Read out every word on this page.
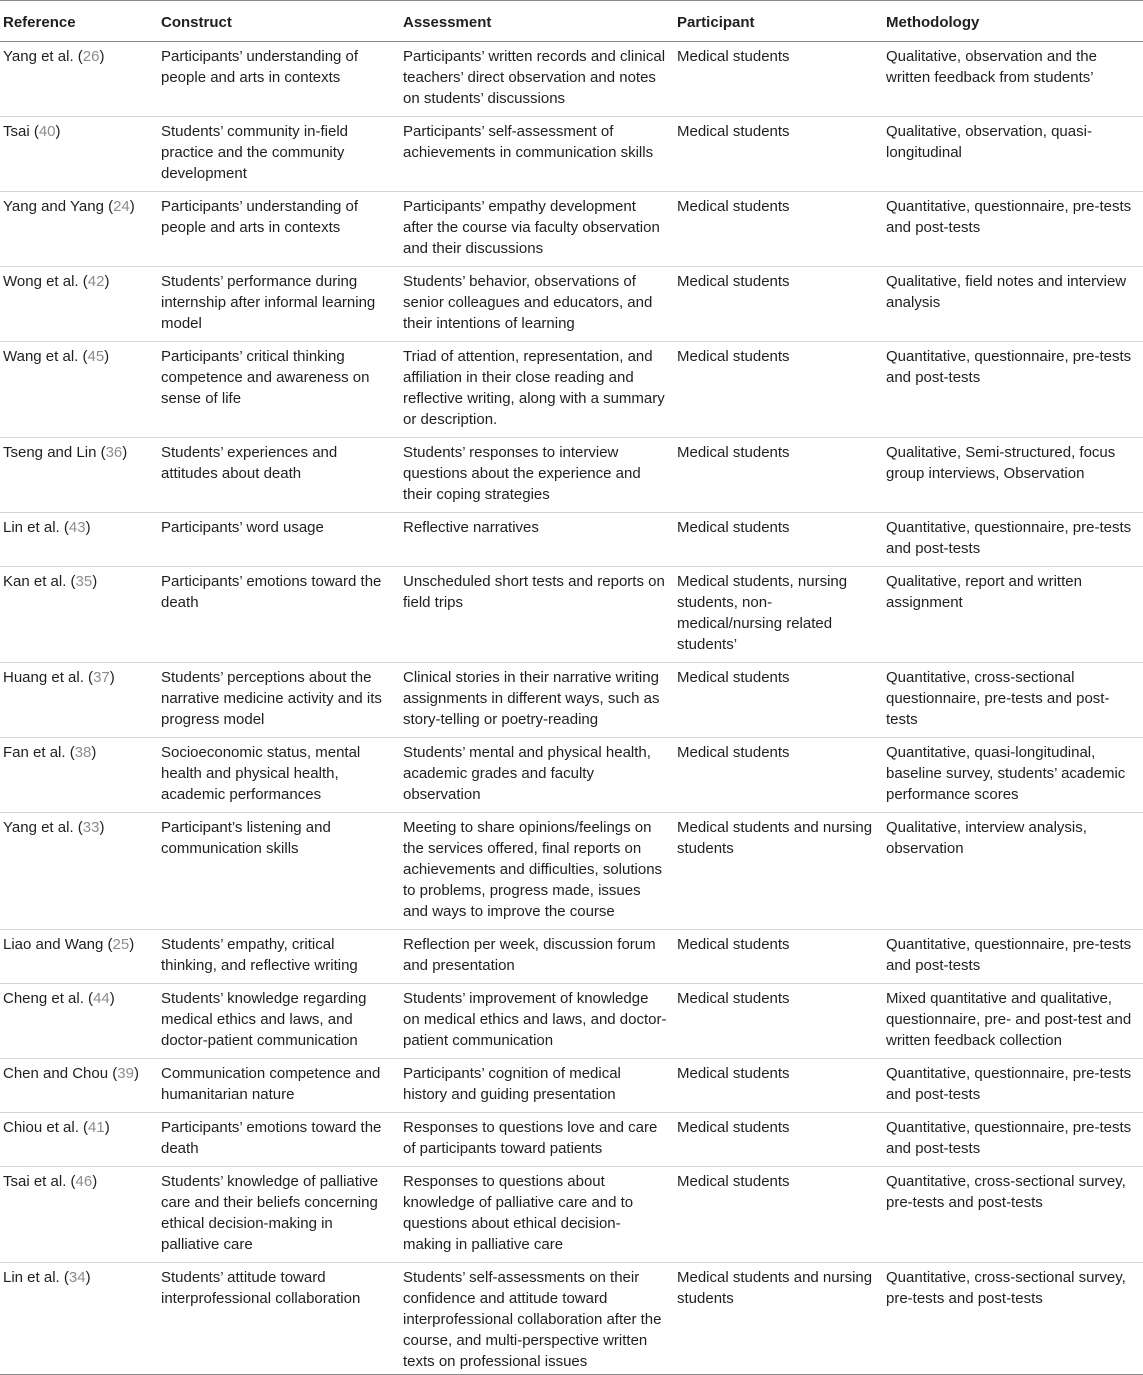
Reference	Construct	Assessment	Participant	Methodology
Yang et al. (26)	Participants’ understanding of people and arts in contexts	Participants’ written records and clinical teachers’ direct observation and notes on students’ discussions	Medical students	Qualitative, observation and the written feedback from students’
Tsai (40)	Students’ community in-field practice and the community development	Participants’ self-assessment of achievements in communication skills	Medical students	Qualitative, observation, quasi-longitudinal
Yang and Yang (24)	Participants’ understanding of people and arts in contexts	Participants’ empathy development after the course via faculty observation and their discussions	Medical students	Quantitative, questionnaire, pre-tests and post-tests
Wong et al. (42)	Students’ performance during internship after informal learning model	Students’ behavior, observations of senior colleagues and educators, and their intentions of learning	Medical students	Qualitative, field notes and interview analysis
Wang et al. (45)	Participants’ critical thinking competence and awareness on sense of life	Triad of attention, representation, and affiliation in their close reading and reflective writing, along with a summary or description.	Medical students	Quantitative, questionnaire, pre-tests and post-tests
Tseng and Lin (36)	Students’ experiences and attitudes about death	Students’ responses to interview questions about the experience and their coping strategies	Medical students	Qualitative, Semi-structured, focus group interviews, Observation
Lin et al. (43)	Participants’ word usage	Reflective narratives	Medical students	Quantitative, questionnaire, pre-tests and post-tests
Kan et al. (35)	Participants’ emotions toward the death	Unscheduled short tests and reports on field trips	Medical students, nursing students, non-medical/nursing related students’	Qualitative, report and written assignment
Huang et al. (37)	Students’ perceptions about the narrative medicine activity and its progress model	Clinical stories in their narrative writing assignments in different ways, such as story-telling or poetry-reading	Medical students	Quantitative, cross-sectional questionnaire, pre-tests and post-tests
Fan et al. (38)	Socioeconomic status, mental health and physical health, academic performances	Students’ mental and physical health, academic grades and faculty observation	Medical students	Quantitative, quasi-longitudinal, baseline survey, students’ academic performance scores
Yang et al. (33)	Participant’s listening and communication skills	Meeting to share opinions/feelings on the services offered, final reports on achievements and difficulties, solutions to problems, progress made, issues and ways to improve the course	Medical students and nursing students	Qualitative, interview analysis, observation
Liao and Wang (25)	Students’ empathy, critical thinking, and reflective writing	Reflection per week, discussion forum and presentation	Medical students	Quantitative, questionnaire, pre-tests and post-tests
Cheng et al. (44)	Students’ knowledge regarding medical ethics and laws, and doctor-patient communication	Students’ improvement of knowledge on medical ethics and laws, and doctor-patient communication	Medical students	Mixed quantitative and qualitative, questionnaire, pre- and post-test and written feedback collection
Chen and Chou (39)	Communication competence and humanitarian nature	Participants’ cognition of medical history and guiding presentation	Medical students	Quantitative, questionnaire, pre-tests and post-tests
Chiou et al. (41)	Participants’ emotions toward the death	Responses to questions love and care of participants toward patients	Medical students	Quantitative, questionnaire, pre-tests and post-tests
Tsai et al. (46)	Students’ knowledge of palliative care and their beliefs concerning ethical decision-making in palliative care	Responses to questions about knowledge of palliative care and to questions about ethical decision-making in palliative care	Medical students	Quantitative, cross-sectional survey, pre-tests and post-tests
Lin et al. (34)	Students’ attitude toward interprofessional collaboration	Students’ self-assessments on their confidence and attitude toward interprofessional collaboration after the course, and multi-perspective written texts on professional issues	Medical students and nursing students	Quantitative, cross-sectional survey, pre-tests and post-tests
